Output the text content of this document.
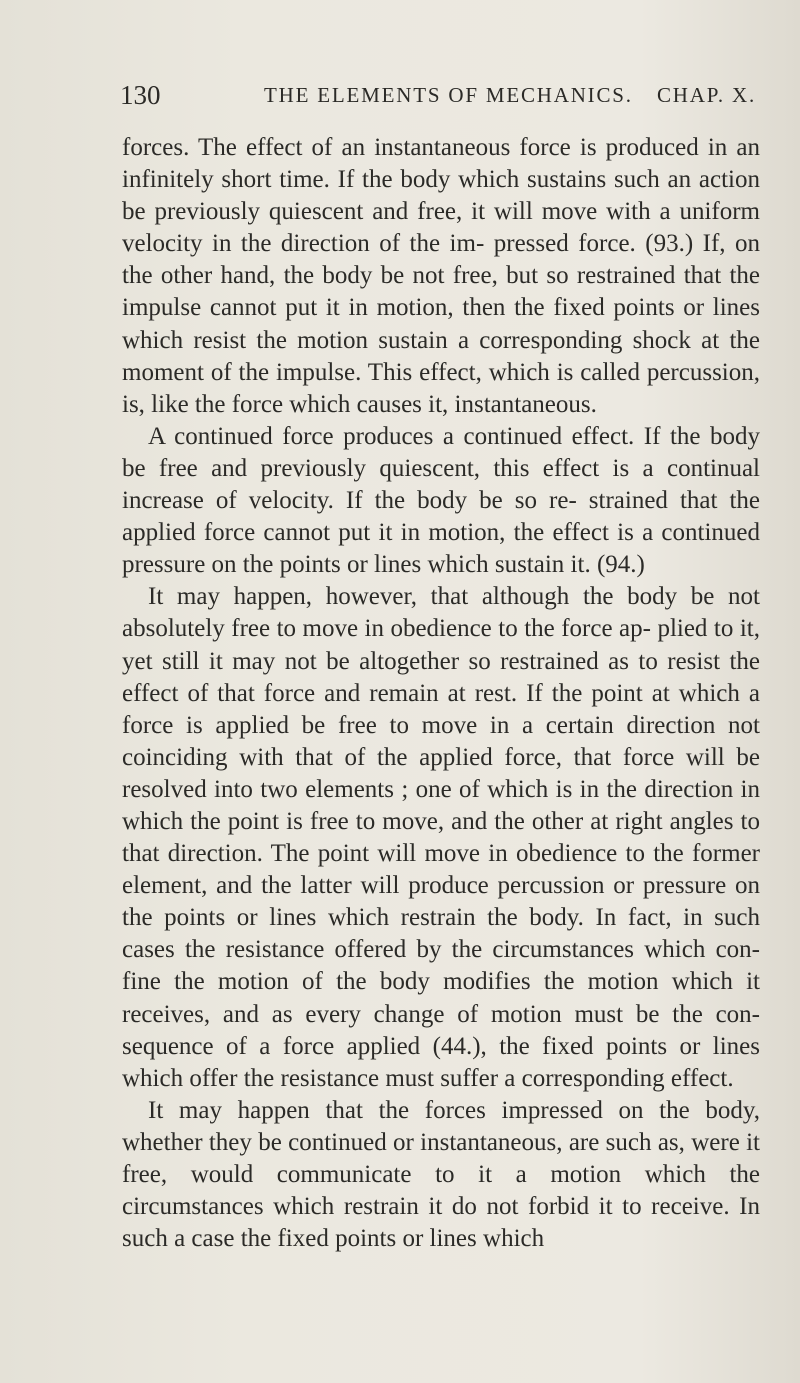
130	THE ELEMENTS OF MECHANICS. CHAP. X.

forces. The effect of an instantaneous force is produced in an infinitely short time. If the body which sustains such an action be previously quiescent and free, it will move with a uniform velocity in the direction of the im- pressed force. (93.) If, on the other hand, the body be not free, but so restrained that the impulse cannot put it in motion, then the fixed points or lines which resist the motion sustain a corresponding shock at the moment of the impulse. This effect, which is called percussion, is, like the force which causes it, instantaneous.

A continued force produces a continued effect. If the body be free and previously quiescent, this effect is a continual increase of velocity. If the body be so re- strained that the applied force cannot put it in motion, the effect is a continued pressure on the points or lines which sustain it. (94.)

It may happen, however, that although the body be not absolutely free to move in obedience to the force ap- plied to it, yet still it may not be altogether so restrained as to resist the effect of that force and remain at rest. If the point at which a force is applied be free to move in a certain direction not coinciding with that of the applied force, that force will be resolved into two elements ; one of which is in the direction in which the point is free to move, and the other at right angles to that direction. The point will move in obedience to the former element, and the latter will produce percussion or pressure on the points or lines which restrain the body. In fact, in such cases the resistance offered by the circumstances which con- fine the motion of the body modifies the motion which it receives, and as every change of motion must be the con- sequence of a force applied (44.), the fixed points or lines which offer the resistance must suffer a corresponding effect.

It may happen that the forces impressed on the body, whether they be continued or instantaneous, are such as, were it free, would communicate to it a motion which the circumstances which restrain it do not forbid it to receive. In such a case the fixed points or lines which
